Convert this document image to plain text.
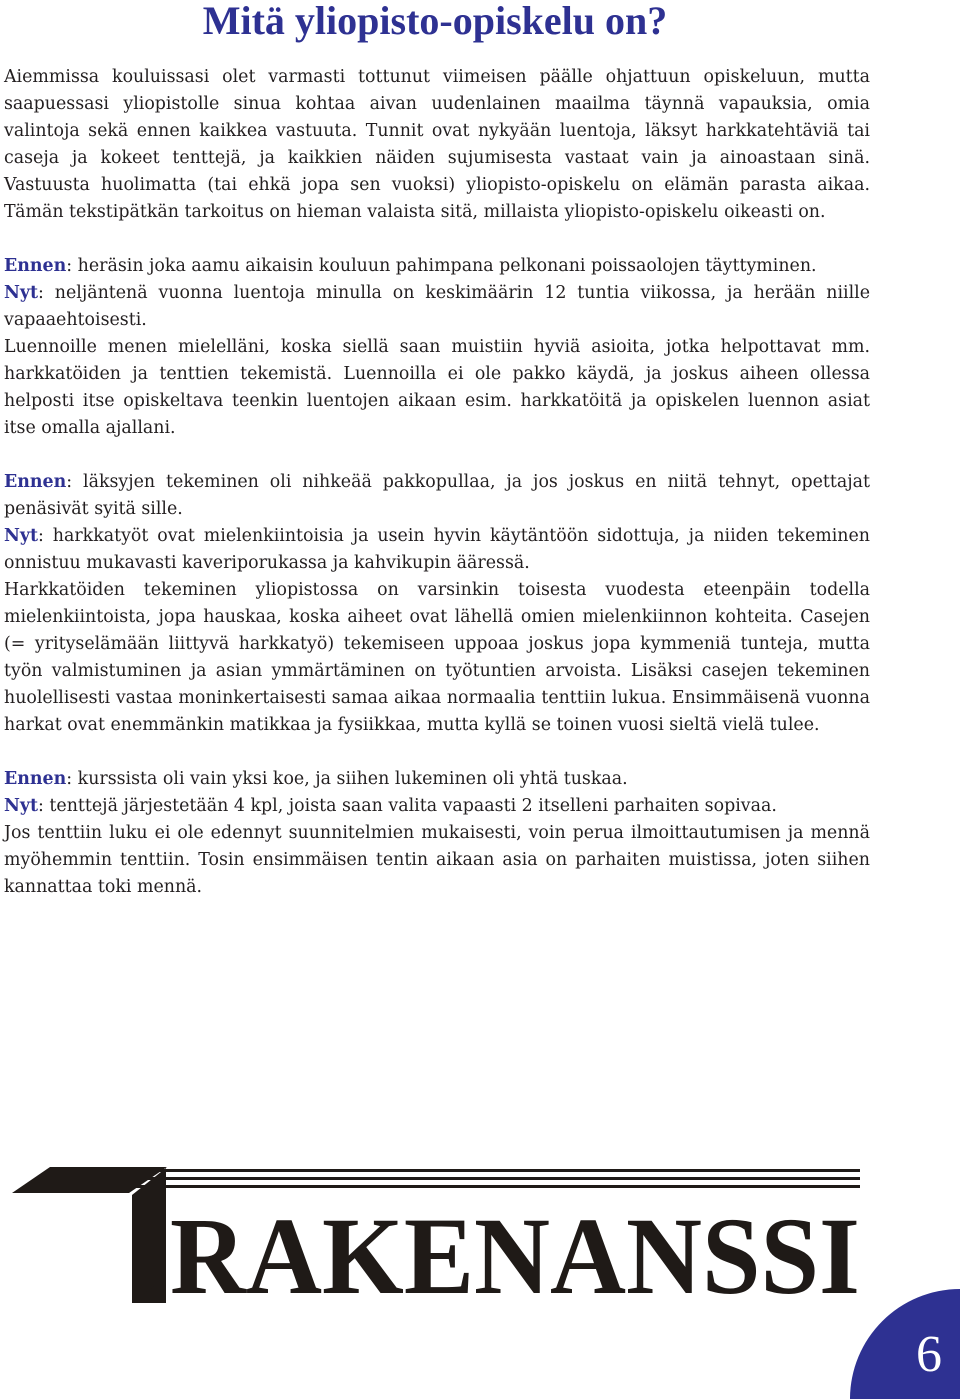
Mitä yliopisto-opiskelu on?

Aiemmissa kouluissasi olet varmasti tottunut viimeisen päälle ohjattuun opiskeluun, mutta saapuessasi yliopistolle sinua kohtaa aivan uudenlainen maailma täynnä vapauksia, omia valintoja sekä ennen kaikkea vastuuta. Tunnit ovat nykyään luentoja, läksyt harkkatehtäviä tai caseja ja kokeet tenttejä, ja kaikkien näiden sujumisesta vastaat vain ja ainoastaan sinä. Vastuusta huolimatta (tai ehkä jopa sen vuoksi) yliopisto-opiskelu on elämän parasta aikaa. Tämän tekstipätkän tarkoitus on hieman valaista sitä, millaista yliopisto-opiskelu oikeasti on.

Ennen: heräsin joka aamu aikaisin kouluun pahimpana pelkonani poissaolojen täyttyminen.

Nyt: neljäntenä vuonna luentoja minulla on keskimäärin 12 tuntia viikossa, ja herään niille vapaaehtoisesti.

Luennoille menen mielelläni, koska siellä saan muistiin hyviä asioita, jotka helpottavat mm. harkkatöiden ja tenttien tekemistä. Luennoilla ei ole pakko käydä, ja joskus aiheen ollessa helposti itse opiskeltava teenkin luentojen aikaan esim. harkkatöitä ja opiskelen luennon asiat itse omalla ajallani.

Ennen: läksyjen tekeminen oli nihkeää pakkopullaa, ja jos joskus en niitä tehnyt, opettajat penäsivät syitä sille.

Nyt: harkkatyöt ovat mielenkiintoisia ja usein hyvin käytäntöön sidottuja, ja niiden tekeminen onnistuu mukavasti kaveriporukassa ja kahvikupin ääressä.

Harkkatöiden tekeminen yliopistossa on varsinkin toisesta vuodesta eteenpäin todella mielenkiintoista, jopa hauskaa, koska aiheet ovat lähellä omien mielenkiinnon kohteita. Casejen (= yrityselämään liittyvä harkkatyö) tekemiseen uppoaa joskus jopa kymmeniä tunteja, mutta työn valmistuminen ja asian ymmärtäminen on työtuntien arvoista. Lisäksi casejen tekeminen huolellisesti vastaa moninkertaisesti samaa aikaa normaalia tenttiin lukua. Ensimmäisenä vuonna harkat ovat enemmänkin matikkaa ja fysiikkaa, mutta kyllä se toinen vuosi sieltä vielä tulee.

Ennen: kurssista oli vain yksi koe, ja siihen lukeminen oli yhtä tuskaa.

Nyt: tenttejä järjestetään 4 kpl, joista saan valita vapaasti 2 itselleni parhaiten sopivaa.

Jos tenttiin luku ei ole edennyt suunnitelmien mukaisesti, voin perua ilmoittautumisen ja mennä myöhemmin tenttiin. Tosin ensimmäisen tentin aikaan asia on parhaiten muistissa, joten siihen kannattaa toki mennä.

RAKENANSSI
6
